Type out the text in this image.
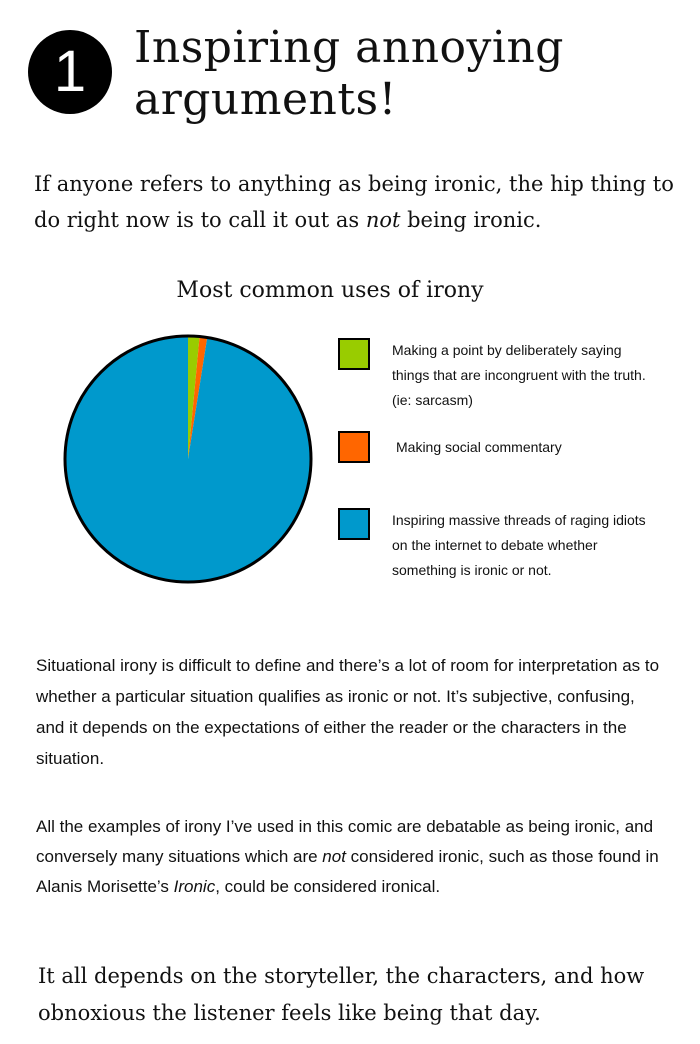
1 Inspiring annoying
arguments!

If anyone refers to anything as being ironic, the hip thing to do right now is to call it out as not being ironic.

Most common uses of irony
Making a point by deliberately saying things that are incongruent with the truth. (ie: sarcasm)
Making social commentary
Inspiring massive threads of raging idiots on the internet to debate whether something is ironic or not.

Situational irony is difficult to define and there’s a lot of room for interpretation as to whether a particular situation qualifies as ironic or not. It’s subjective, confusing, and it depends on the expectations of either the reader or the characters in the situation.

All the examples of irony I’ve used in this comic are debatable as being ironic, and conversely many situations which are not considered ironic, such as those found in Alanis Morisette’s Ironic, could be considered ironical.

It all depends on the storyteller, the characters, and how obnoxious the listener feels like being that day.
